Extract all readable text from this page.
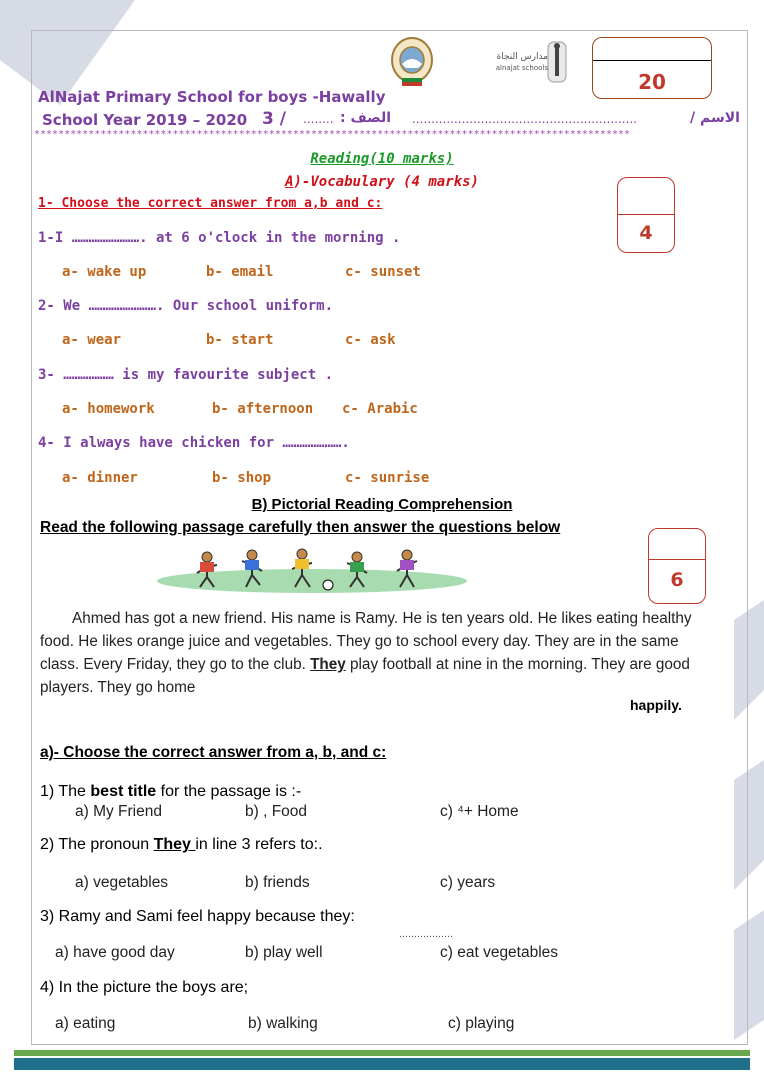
مدارس النجاة
alnajat schools
20
AlNajat Primary School for boys -Hawally
School Year 2019 – 2020 3 / ........ الصف : ...........................................................	الاسم /
***************************************************************************************************
Reading(10 marks)
A)-Vocabulary (4 marks)
1- Choose the correct answer from a,b and c:
4
1-I ……………………. at 6 o'clock in the morning .
a- wake up	b- email	c- sunset
2- We ……………………. Our school uniform.
a- wear	b- start	c- ask
3- ……………… is my favourite subject .
a- homework	b- afternoon c- Arabic
4- I always have chicken for ………………….
a- dinner	b- shop	c- sunrise
B) Pictorial Reading Comprehension
Read the following passage carefully then answer the questions below
6
Ahmed has got a new friend. His name is Ramy. He is ten years old. He likes eating healthy food. He likes orange juice and vegetables. They go to school every day. They are in the same class. Every Friday, they go to the club. They play football at nine in the morning. They are good players. They go home
happily.
a)- Choose the correct answer from a, b, and c:
1) The best title for the passage is :-
a) My Friend	b) , Food	c) ⁴+ Home
2) The pronoun They in line 3 refers to:.
a) vegetables	b) friends	c) years
3) Ramy and Sami feel happy because they:
………………
a) have good day	b) play well	c) eat vegetables
4) In the picture the boys are;
a) eating	b) walking	c) playing
